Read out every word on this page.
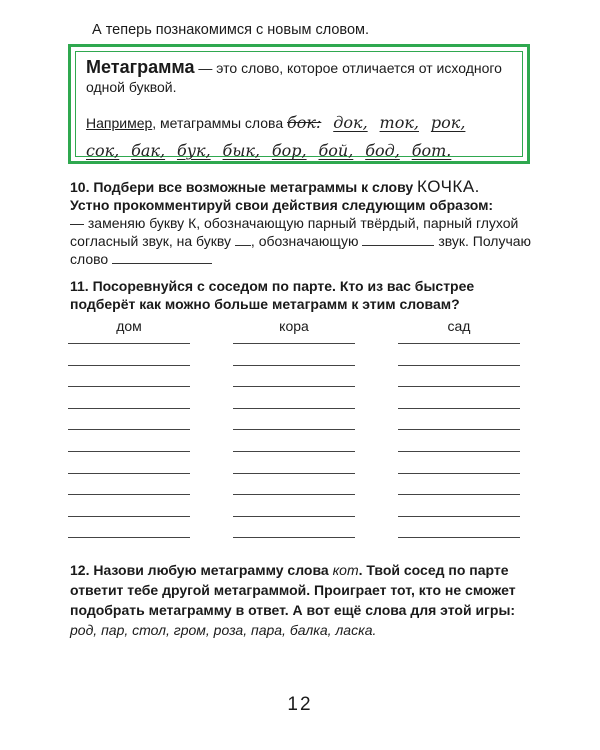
А теперь познакомимся с новым словом.
Метаграмма — это слово, которое отличается от исходного одной буквой.
Например, метаграммы слова бок: док, ток, рок, сок, бак, бук, бык, бор, бой, бод, бот.
10. Подбери все возможные метаграммы к слову КОЧКА.
Устно прокомментируй свои действия следующим образом:
— заменяю букву К, обозначающую парный твёрдый, парный глухой согласный звук, на букву , обозначающую	звук. Получаю слово
11. Посоревнуйся с соседом по парте. Кто из вас быстрее подберёт как можно больше метаграмм к этим словам?
дом	кора	сад
12. Назови любую метаграмму слова кот. Твой сосед по парте ответит тебе другой метаграммой. Проиграет тот, кто не сможет подобрать метаграмму в ответ. А вот ещё слова для этой игры: род, пар, стол, гром, роза, пара, балка, ласка.
12
